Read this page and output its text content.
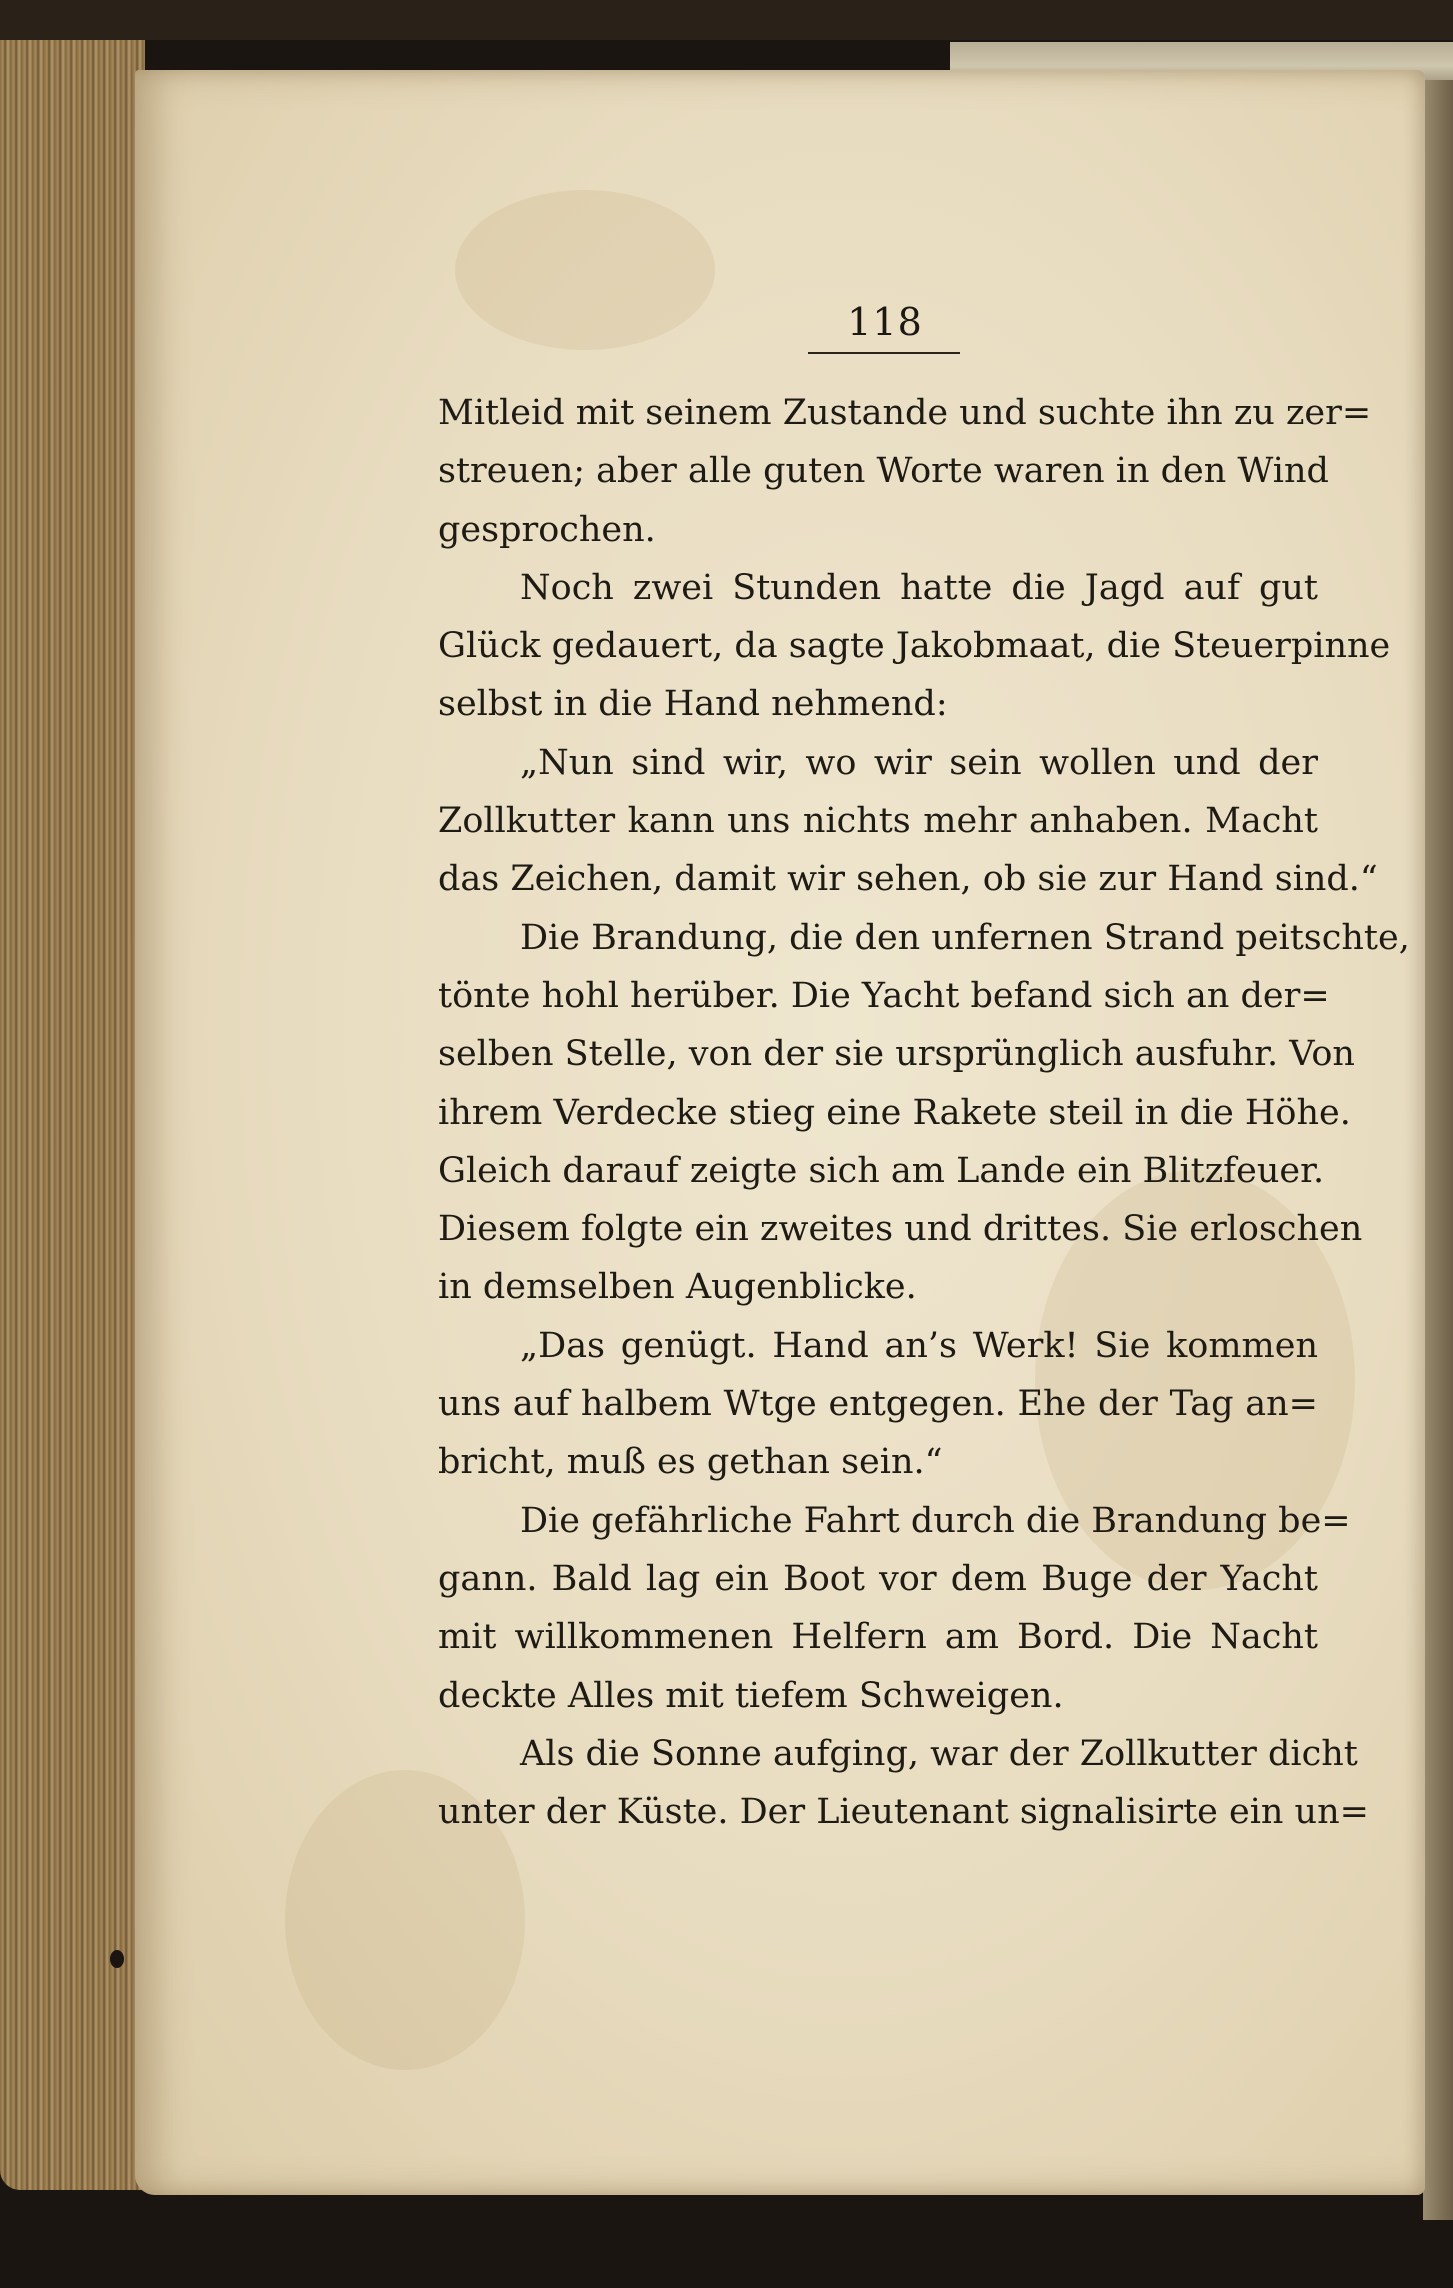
118
Mitleid mit seinem Zustande und suchte ihn zu zer=
streuen; aber alle guten Worte waren in den Wind
gesprochen.
Noch zwei Stunden hatte die Jagd auf gut
Glück gedauert, da sagte Jakobmaat, die Steuerpinne
selbst in die Hand nehmend:
„Nun sind wir, wo wir sein wollen und der
Zollkutter kann uns nichts mehr anhaben. Macht
das Zeichen, damit wir sehen, ob sie zur Hand sind.“
Die Brandung, die den unfernen Strand peitschte,
tönte hohl herüber. Die Yacht befand sich an der=
selben Stelle, von der sie ursprünglich ausfuhr. Von
ihrem Verdecke stieg eine Rakete steil in die Höhe.
Gleich darauf zeigte sich am Lande ein Blitzfeuer.
Diesem folgte ein zweites und drittes. Sie erloschen
in demselben Augenblicke.
„Das genügt. Hand an’s Werk! Sie kommen
uns auf halbem Wtge entgegen. Ehe der Tag an=
bricht, muß es gethan sein.“
Die gefährliche Fahrt durch die Brandung be=
gann. Bald lag ein Boot vor dem Buge der Yacht
mit willkommenen Helfern am Bord. Die Nacht
deckte Alles mit tiefem Schweigen.
Als die Sonne aufging, war der Zollkutter dicht
unter der Küste. Der Lieutenant signalisirte ein un=
